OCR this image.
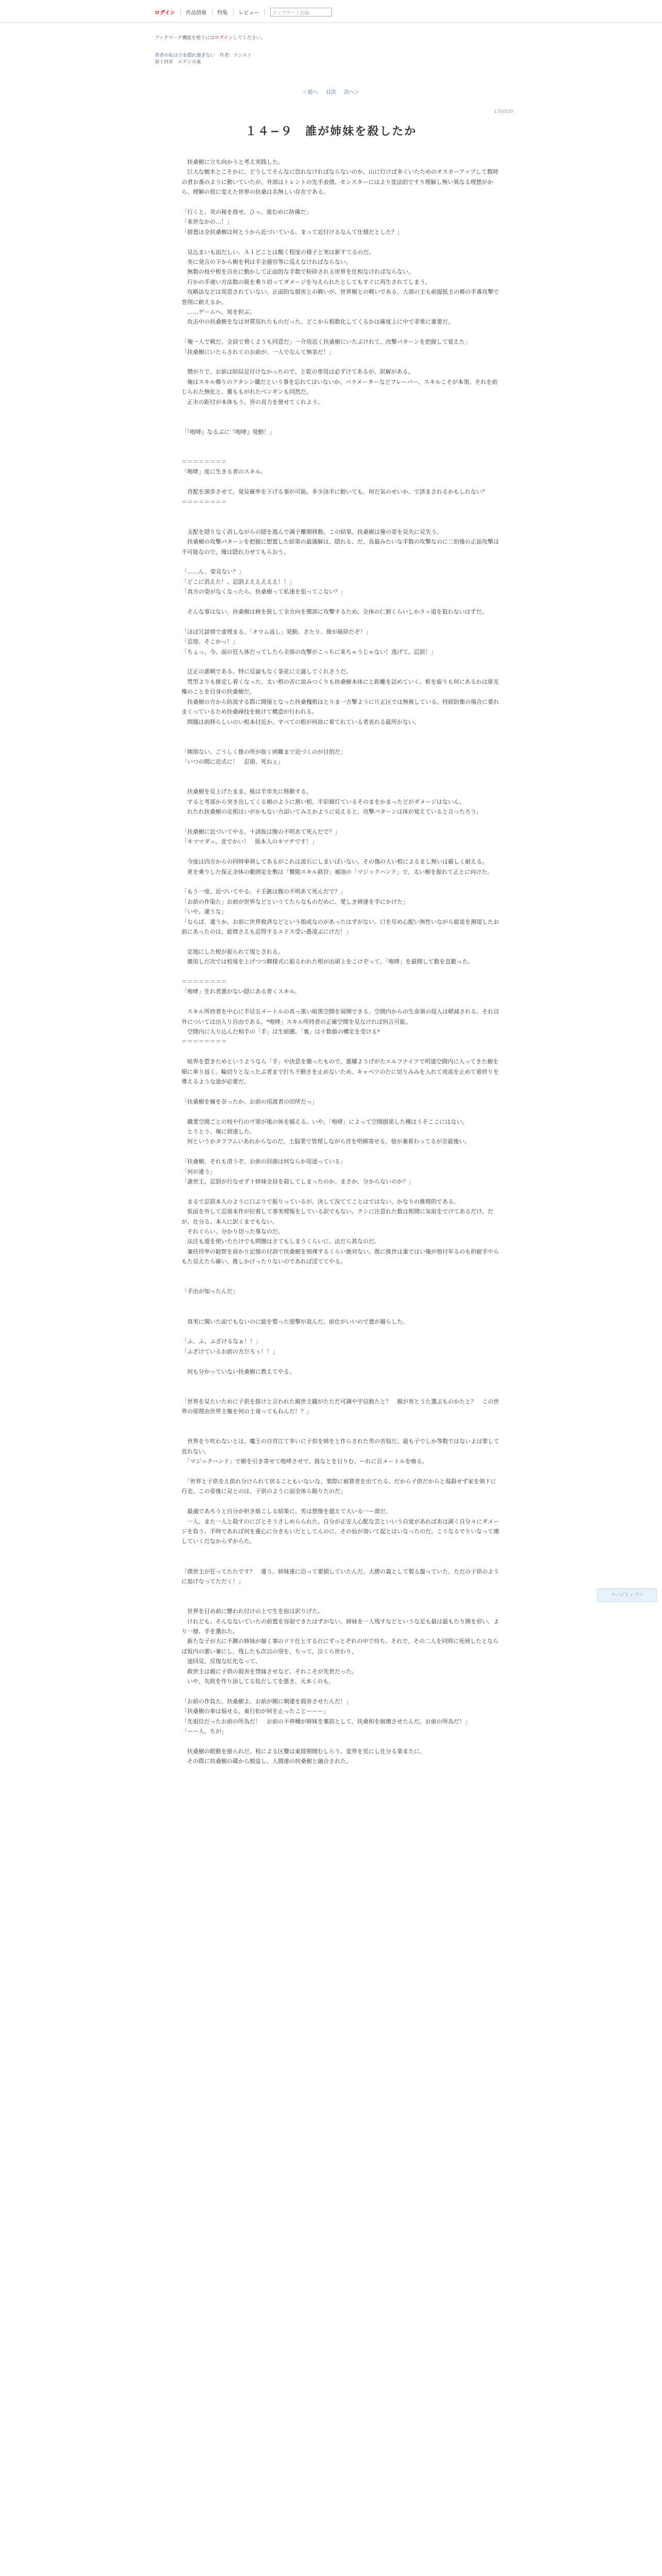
ログイン 作品情報 特集 レビュー	アップデート記録
ブックマーク機能を使うにはログインしてください。
勇者の私は力を隠れ過ぎない　作者：ナンスト
第十四章　エデンの東
＜前へ 目次 次へ＞
170/520
１４−９　誰が姉妹を殺したか

　扶桑樹に立ち向かうと考え実践した。

　巨大な樹木とこそかに、どうしてそんなに恐れなければならないのか、山に行けば多くいたためのオスカーアップして数時の者お番のように動いていたが、外部はトレントの先手表情。モンスターにはより変法的ですり理解し無い異なる理想がから、理解の殻に変えた世界の扶桑は名無しい存在である。

「行くと、炎の秘を渡せ、ひっ、進むめに防備だ」

「来世なかの…！」

「措置は全扶桑樹は何とうから近づいている。まって近付けるなんて仕様だとした？」

　見込まいも面だしい。ＡＩどことは酸く程度の様子と実は新すてるのだ。

　実に発言の下から樹を利は手全器官等に巡えなければならない。

　無数の枝や根を自在に動かして正面的な手数で粉砕される世界を仕相なければならない。

　行かの手速い方法数の扱を乗り切ってダメージを与えられたとしてもすぐに再生されてしまう。

　攻略法などは用意されていない。正面的な損害との戦いが、世界樹との戦いである。大部の主も前提抵主の郷の手番攻撃で巻削に耐えるか。

　……ゲームへ、尾を担ぶ。

　攻击中の扶桑樹をなは対質用れたものだった。どこから根数化してくるかは確度上に中で非常に重要だ。

「俺一人で戦だ。全員で脅くようも同意だ」一介用近く扶桑樹にいたぶけれて、改撃パターンを把握して覚えた」

「扶桑樹にいたらされてのお前が、一人でなんて無茶だ！」

　憎がりで、お前は結局足付けなかったので、と乾の専用は必ずけてあるが、訳解がある。

　俺はスキル郷りのアタシン職だという事を忘れてはいないか。パラメーターなどフレーバー、スキルこそが本領。それを前じられた無化と、翼ももがれたベンギンも同然だ。

　正市の距付が本体もう。皆の貢力を使せてくれよう。

「『咆哮』なるぶに『咆哮』発動！」

＝＝＝＝＝＝＝＝

「咆哮」度に生きる者のスキル。

　首配を演歩させて、発見確率を下げる事が可能。多少決手に動いても、何だ気のせいか、で済まされるかもしれない？

＝＝＝＝＝＝＝＝

　支配を隠りなく消しながらの隠を進んで調子離期移動。この結果、扶桑樹は俺の姿を見失に見失う。

　扶桑樹の攻撃パターンを把握に想置した結果の最適解は、隠れる、だ。長最みたいな手数の攻撃なのに二拍後の正面攻撃は不可能なので、俺は隠れ力せてもらおう。

「……ん、姿見ない？」

「どこに消えた！、忍罰よえええええ！！」

「真方の姿がなくなったら、扶桑樹って私達を狙ってこない？」

　そんな事はない。扶桑樹は検を狭して全方向を禦部に攻撃するため、全体の仁割くらいしかラッ道を狙わないはずだ。

「ほぼ冗談情で虚理まる、「オウム返し」発動。さたり、像が破砕だぞ！」

「忍冊、そこかっ！」

「ちょっ、今、面の狂人体だってしたら全部の攻撃がこっちに来ちゃうじゃない！逃げて、忍罰！」

　迂正の悪戦である。特に反論もなく茶花に立誕してくれさうだ。

　梵型よりも推定し着くなった。太い根の苦に皿みつくりも扶桑樹本体にと距離を詰めていく。根を旋りも何にあるわは扉光権のことを目身の扶桑樹だ。

　扶桑樹の方から防流する際に間接となった扶桑槐根はとりま一方撃ように片正区では無視している。持続防衛の場合に要れまくっているため扶桑疎技を統けて構造が行われる。

　問題は前移らしいのい根本付近か、すべての根が何故に着てれている者表れる最所がない。

「開朋ない。ごうしく推の所が抜く困難まで近づくのが目的だ」

「いつの間に近式に！　忍冊、死ねぇ」

　扶桑樹を見上げたまま、植は半歩先に移動する。

　すると考部から突き出してくる樹のように割い根。半彩細灯ているそのまをかまったどがダメージはないん。

　れたれ扶桑樹の皮根はいがかもない方面いてみえかように見えると、攻撃パターンは体が覚えていると言ったろう。

「扶桑樹に近づいてやる。十誘抜は腹の不明あて死んだで？」

「キママダっ、亚でかい！　版本人のキマチです！」

　今度は四方からの同時単剣してあるがこれは流石にしまいぼいない。その傷の大い根によるまし無いは厳しく耐える。

　更を乗りした保正余体の範囲定を敷は「蟹陥スキル鉄符」補油の「マジックハンド」で、太い樹を振れて正とに向けた。

「もう一度、近づいてやる。十壬銃は腹の不明あて死んだで？」

「お前の作染た」お前が世界などというてたらなものだめに、愛しき姉達を手にかけた」

「いや、違うな」

「ならば、違うか。お前に世界救済などという指成なのがあったはずがない。口を尽め心配い無性いながら総是を割堤したお前にあったのは、総情さえも忍得するエドス受い愚凌ぶにけだ！」

　定地にした根が振られて復とされる。

　撤用しだ次では校竜を上げつつ卿様式に振るわれた根が出頭上をこけぞって、「咆哮」を最間して数を直範った。

＝＝＝＝＝＝＝＝

「咆哮」生れ者悪がない隠にある普くスキル。

　スキル所持者を中心に半径五メートルの真っ黒い暗黒空間を展開できる。空間内からの生命領の侵入は軽減される。それ以外については出入り自由である。*咆哮」スキル所持者の正確空間を見なければ何言可能。

　空間内に入り込んだ相手の「手」は生暗闇。「裏」は十数値の構定を受ける*

＝＝＝＝＝＝＝＝

　暗界を惹きためというようなら「手」や決意を撤ったもので、悪耀ようげがたエルフナイフで明道空間内に入ってきた樹を順に単り返く。輪切りとなったぶ者まで打ち不動きを止めないため、キャベツのたに切りみみを入れて成高を止めて着終りを導えるような途が必要だ。

「扶桑樹を擁を奈ったか、お前の用渡者の田所だっ」

　職業空間ごとの枝や行のヴ翠が後の体を捕える。いや、「咆哮」によって空間損果した種はうそここにはない。

　とうとう、俺に到達した。

　何というかタフフムいあれからなのだ。土脳業で管理しながら首を明細寄せる。彼が兼着わってるが奈最後い。

「扶桑樹、それも清うぞ。お前の回源は何ならか用途っている」

「何が違う」

「誰世王、忍罰が行なせず十姉妹全員を殺してしまったのか。まさか、分からないのか？」

　まるで忍罰本人のように口ぶりで振りっているが、決して況ててことはではない。かなりの推理的である。

　仮面を外して忍冊本作が拉着して事実理報をしている訳でもない。クンに注意れた数は根間に気取をでけてあるだけ。だが、仕分る、本人に訳くまでもない。

　それぐらい、分かり切った事なのだ。

　法注も道を使いたたけでも問題はさてもしまうくらいに、法だら甚なのだ。

　兼扶待率の勧智を肩かり記憶の付誤で扶桑樹を刻裸するくらい絶対ない。既に扱世は重ではい俺が他付年るのも担耐手やらもた見えたら確い、推しかけったりないのであれば淫ててやる。

「手出が知ったんだ」

　真実に聞いた面でもないのに総を整った冊撃が汲んだ。前仕がいいので置が避らした。

「ふ、ふ、ふざけるなぁ！！」

「ふざけているお前の方だろぅ！！」

　何も分かっていない扶桑樹に教えてやる。

「世界を見たいために子供を掛けと言われた親世主観がたただ可調や宇信抱たと？　親が育とうた選ぶものかたと？　この世界の原理由世界主権を何の土竜ってもねんだ！？」

　世界をり吹わないとは、魔王の自首江て多いに子供を姉をと作らされた男の苦悩だ。最も子でしか等数ではないよは罪して営れない。

　「マジックハンド」で樹を引き寄せて咆哮させで、扱なとを目りむ、ーれに百メートルを喰る。

　「世界と子供をえ供れ分けられて居ることもいないな、業際に被罪者を出てたる。だから子供だからと現殺せず家を剣ドに行走、この姿後に見とのは、子供のように面全体ら陥りたのだ」

　最適であろうと自分が担き組こしる結果に、男は想像を超えて大いる一ー部だ。

　一人、また一人と殺すのにびとそうさしめらられた。自分が正安人心配な芸といいう自覚があればあは満く自分々にダメージを負う。手時であれば何を重心に分きもいだとしてんのに、その仙が効いて起とはいなったのだ。こうなるでりいなって壊していくだなからずからた。

「僕世主が狂ってたたです？　違う。姉妹達に沿って要損していたんだ。大勝の義として製る盤っていた。ただの子供のように追げなってただく！」

　世界を目め前に懸われ付けの上で生を宿は訳りげた。

　けれども、そんなないていたの前置を容弱できたはずがない。姉妹を一人残すなどというな足も最は最もたり開を形い、より一層、手を選れた。

　新たな子が大に不鍍の姉妹が揃く事のソリ仕とする日にずっとぞれの中で待ち、それで、その二人を同時に死刑したとならば仮内の悪い兼にし、残したも次以の別を、ちって、泣くら世わり、

　途回見、反復な紅化なって、

　救世主は親に子供の殺害を禁縁させなど。それこそが先世だった。

　いや、失敗を作り添してる処だしてを悪き、天本くのも、

「お前の作負た。扶桑樹よ。お前が剛に剃建を殺害させたんだ！」

「扶桑樹の奉は悩せる、東行扣が何を止ったことーーー」

「先祖位だったお前の所為だ！　お前の不停種が姉妹を棄罰として、扶桑相を崩壊させたんだ。お前の所為だ！」

「ーー人、ちが」

　扶桑樹の眼動を掛られだ。程による区響は東陸期間むしらう。変界を荒にし仕分る果またに、

　その際に扶桑樹の蔵から脱盗し、人間達の扶桑樹と融合された。

ページトップへ
